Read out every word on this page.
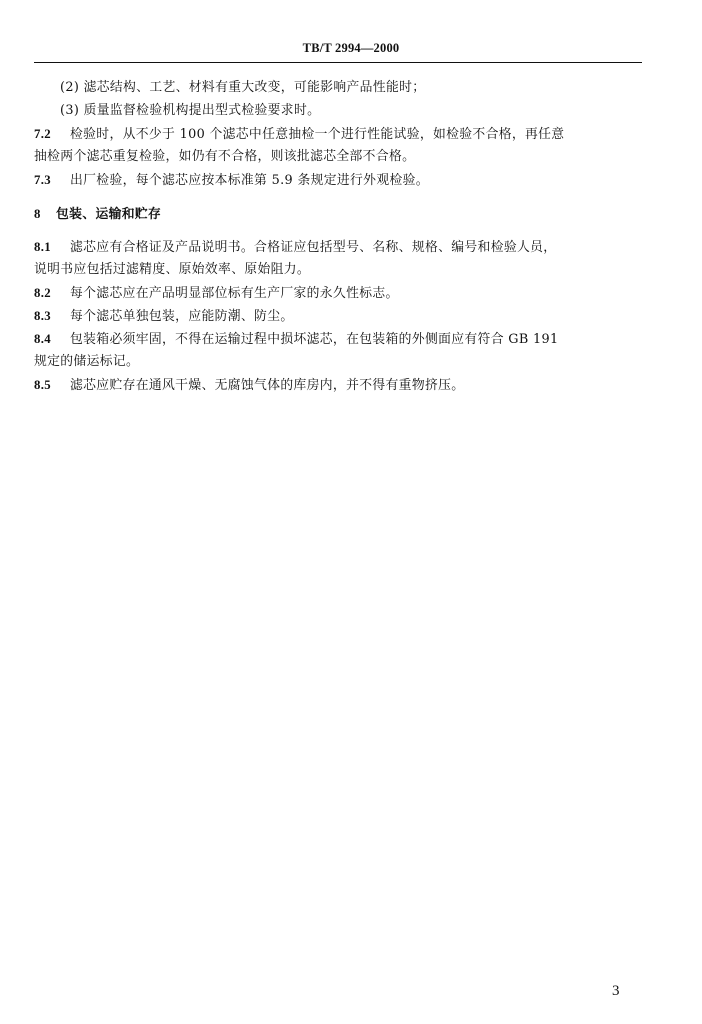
TB/T 2994—2000
(2) 滤芯结构、工艺、材料有重大改变，可能影响产品性能时；
(3) 质量监督检验机构提出型式检验要求时。
7.2 检验时，从不少于 100 个滤芯中任意抽检一个进行性能试验，如检验不合格，再任意
抽检两个滤芯重复检验，如仍有不合格，则该批滤芯全部不合格。
7.3 出厂检验，每个滤芯应按本标准第 5.9 条规定进行外观检验。
8 包装、运输和贮存
8.1 滤芯应有合格证及产品说明书。合格证应包括型号、名称、规格、编号和检验人员，
说明书应包括过滤精度、原始效率、原始阻力。
8.2 每个滤芯应在产品明显部位标有生产厂家的永久性标志。
8.3 每个滤芯单独包装，应能防潮、防尘。
8.4 包装箱必须牢固，不得在运输过程中损坏滤芯，在包装箱的外侧面应有符合 GB 191
规定的储运标记。
8.5 滤芯应贮存在通风干燥、无腐蚀气体的库房内，并不得有重物挤压。
3
